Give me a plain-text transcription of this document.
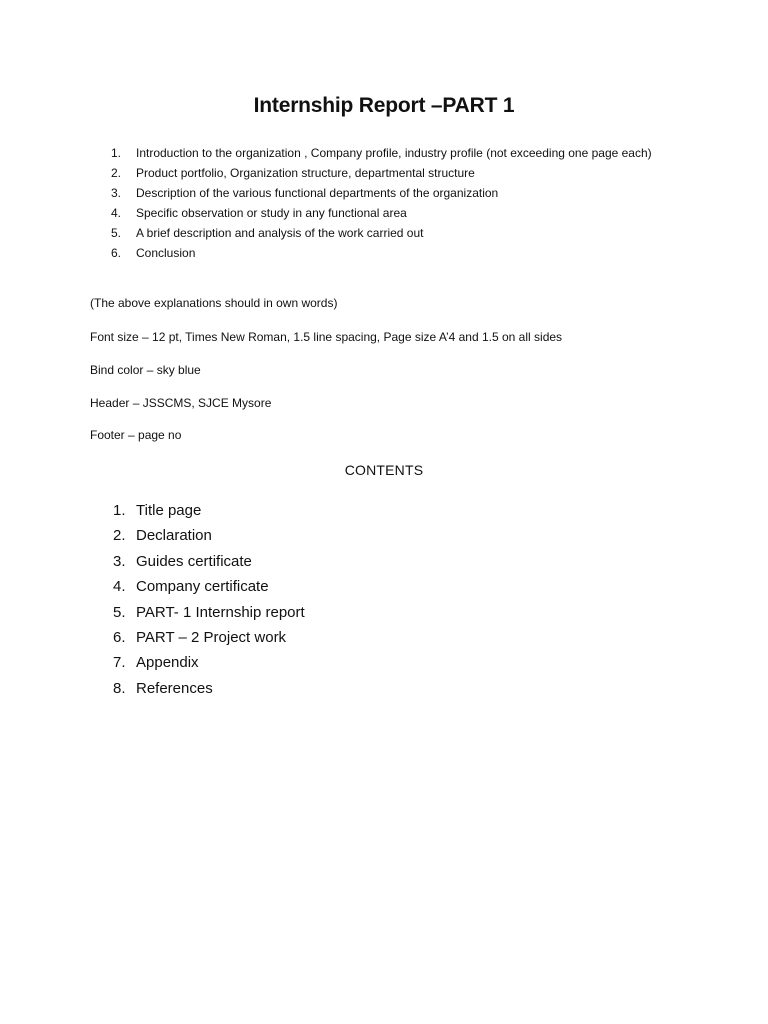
Internship Report –PART 1
1. Introduction to the organization , Company profile, industry profile (not exceeding one page each)
2. Product portfolio, Organization structure, departmental structure
3. Description of the various functional departments of the organization
4. Specific observation or study in any functional area
5. A brief description and analysis of the work carried out
6. Conclusion
(The above explanations should in own words)
Font size – 12 pt, Times New Roman, 1.5 line spacing, Page size A’4 and 1.5 on all sides
Bind color – sky blue
Header – JSSCMS, SJCE Mysore
Footer – page no
CONTENTS
1. Title page
2. Declaration
3. Guides certificate
4. Company certificate
5. PART- 1 Internship report
6. PART – 2 Project work
7. Appendix
8. References
